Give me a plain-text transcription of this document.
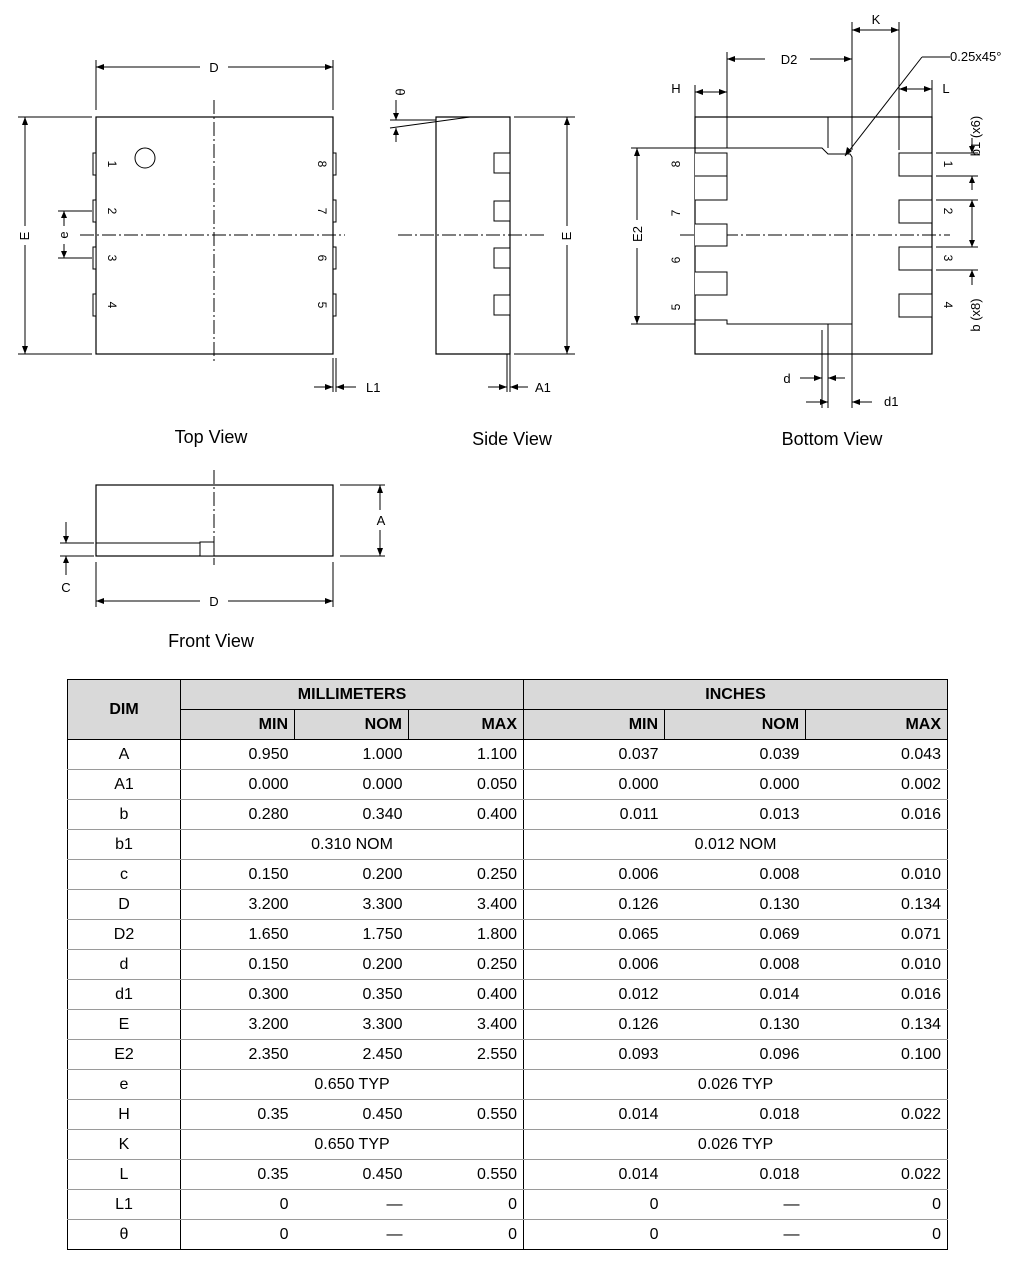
1
2
3
4
8
7
6
5
D
E e
L1
Top View
θ
E
A1
Side View
8
7
6
5
1
2
3
4
K
D2	0.25x45°
H	L
E2
b1 (x6)
b (x8)
d
d1
Bottom View
A
C
D
Front View
DIM	MILLIMETERS			INCHES		
	MIN	NOM	MAX	MIN	NOM	MAX
A	0.950	1.000	1.100	0.037	0.039	0.043
A1	0.000	0.000	0.050	0.000	0.000	0.002
b	0.280	0.340	0.400	0.011	0.013	0.016
b1	0.310 NOM			0.012 NOM		
c	0.150	0.200	0.250	0.006	0.008	0.010
D	3.200	3.300	3.400	0.126	0.130	0.134
D2	1.650	1.750	1.800	0.065	0.069	0.071
d	0.150	0.200	0.250	0.006	0.008	0.010
d1	0.300	0.350	0.400	0.012	0.014	0.016
E	3.200	3.300	3.400	0.126	0.130	0.134
E2	2.350	2.450	2.550	0.093	0.096	0.100
e	0.650 TYP			0.026 TYP		
H	0.35	0.450	0.550	0.014	0.018	0.022
K	0.650 TYP			0.026 TYP		
L	0.35	0.450	0.550	0.014	0.018	0.022
L1	0	—	0	0	—	0
θ	0	—	0	0	—	0
